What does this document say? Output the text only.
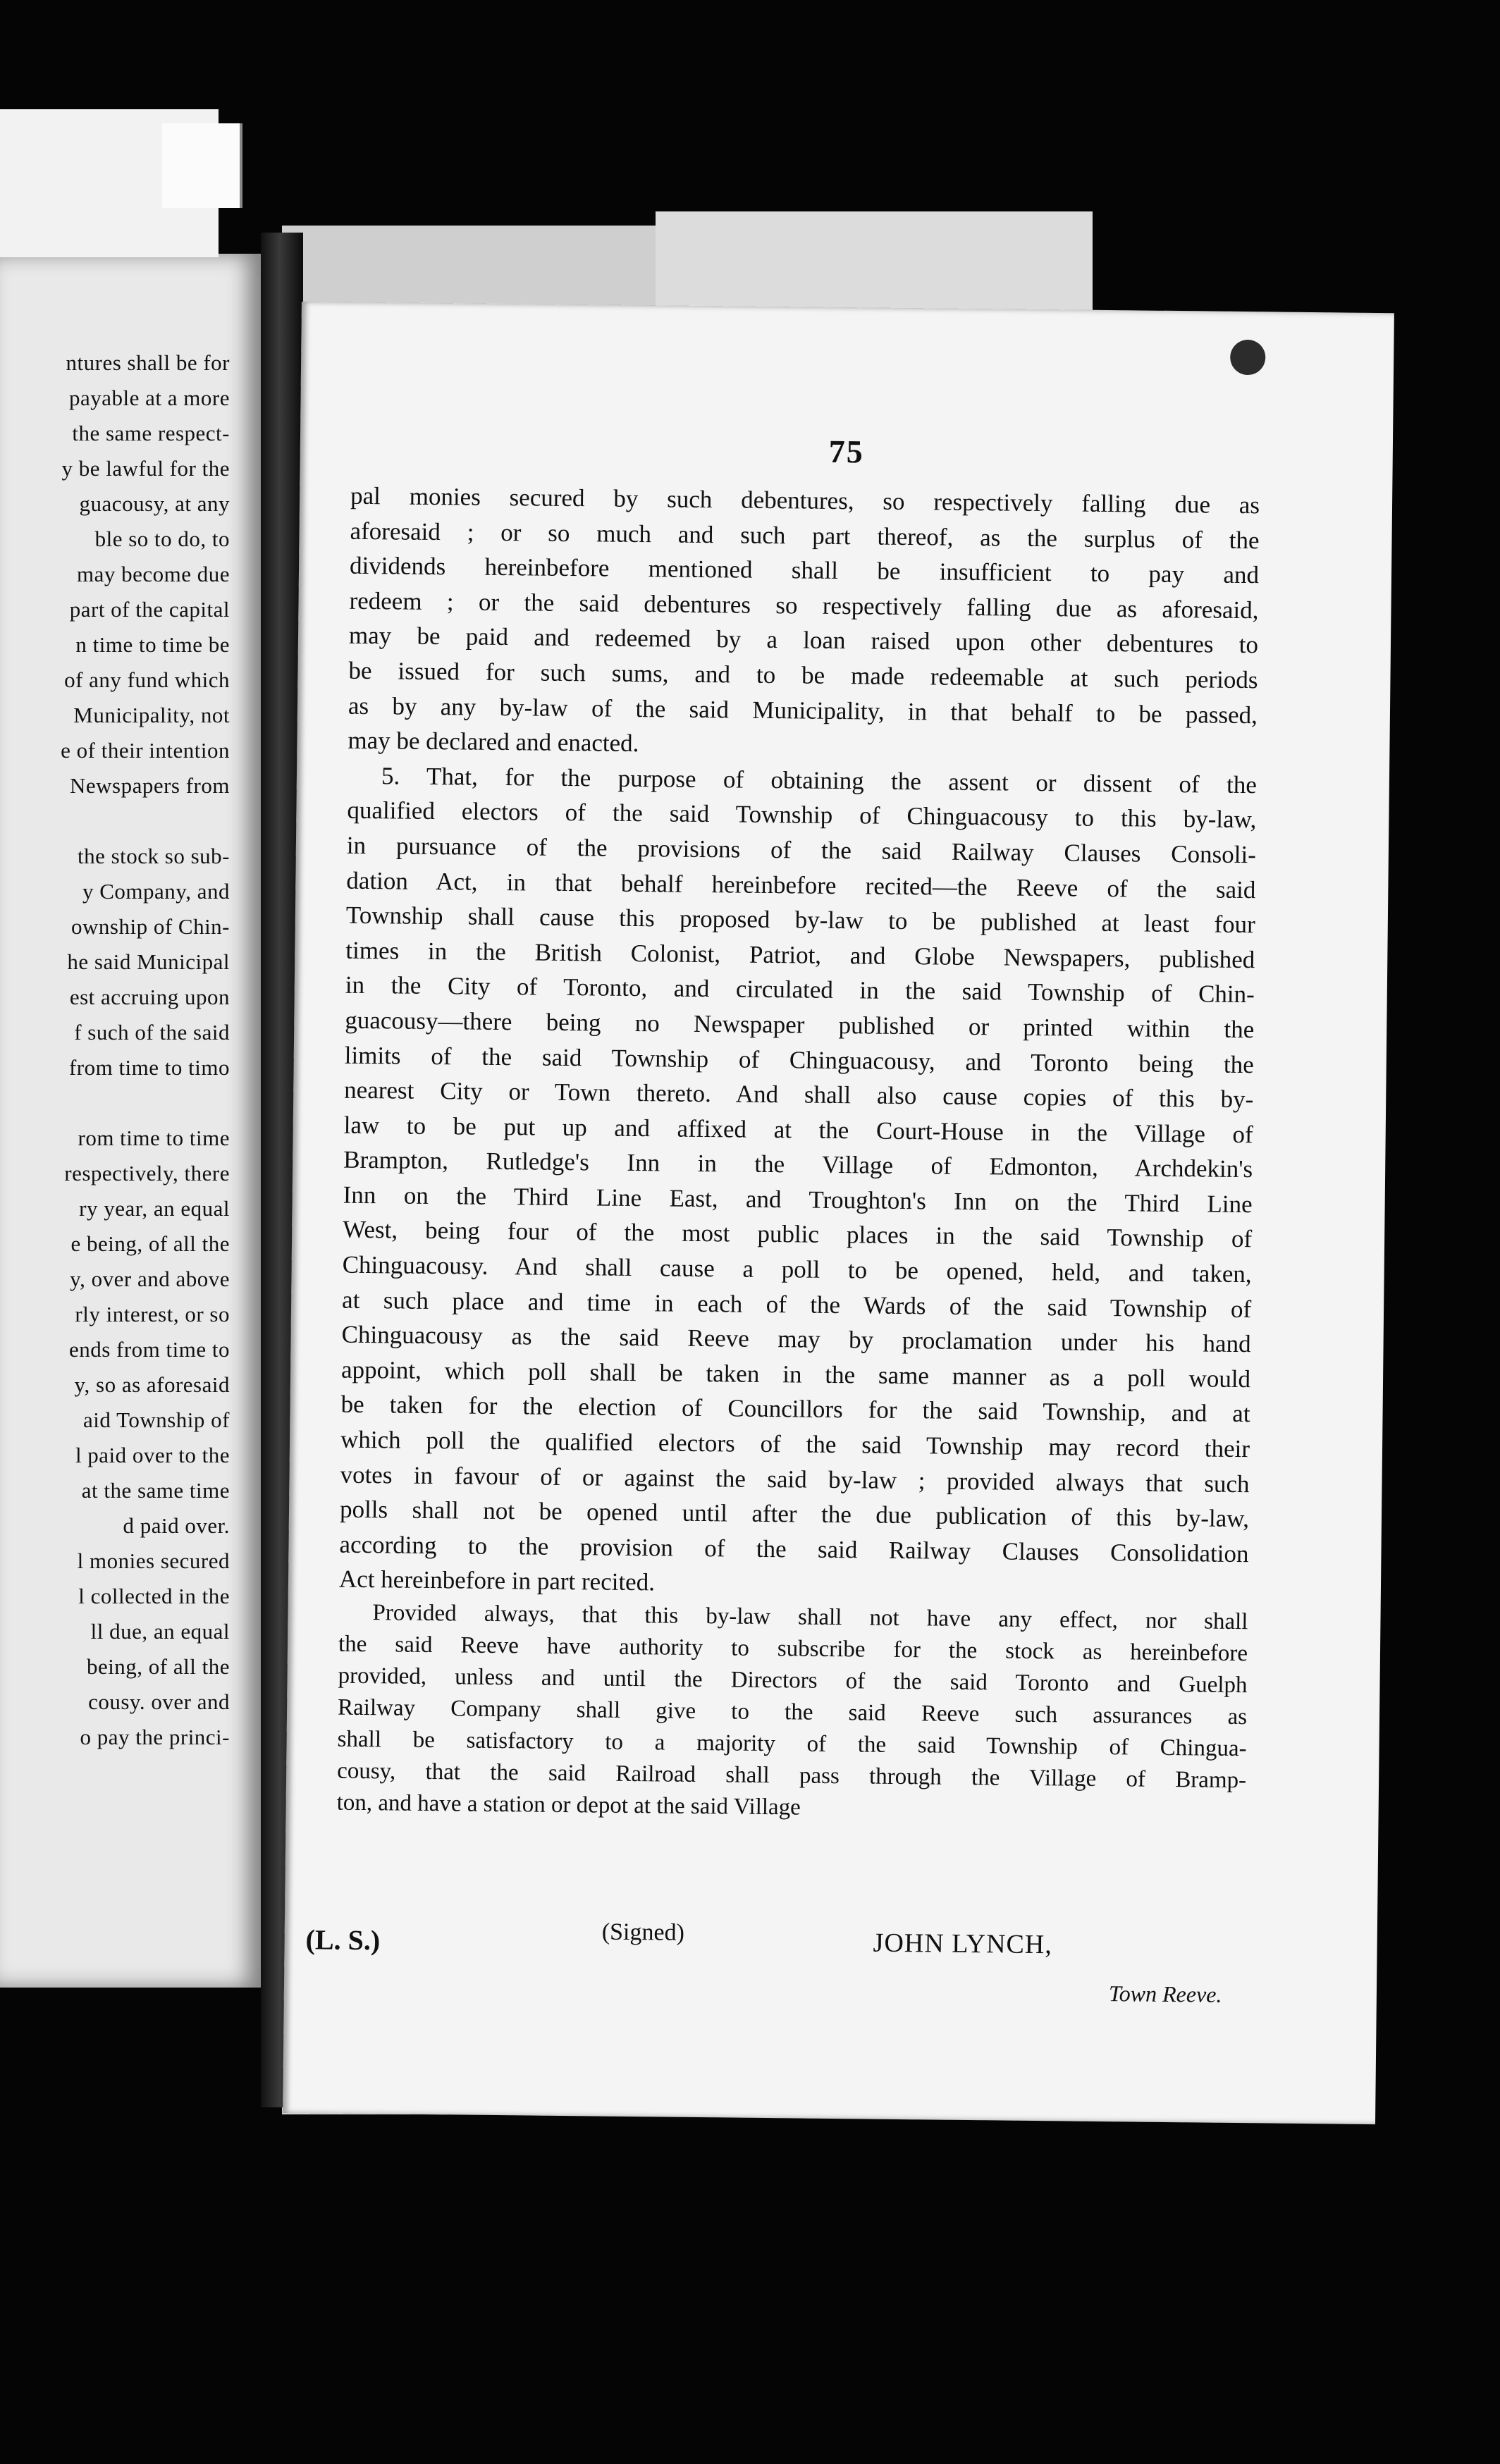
ntures shall be for
payable at a more
the same respect-
y be lawful for the
guacousy, at any
ble so to do, to
may become due
part of the capital
n time to time be
of any fund which
Municipality, not
e of their intention
Newspapers from
the stock so sub-
y Company, and
ownship of Chin-
he said Municipal
est accruing upon
f such of the said
from time to timo
rom time to time
respectively, there
ry year, an equal
e being, of all the
y, over and above
rly interest, or so
ends from time to
y, so as aforesaid
aid Township of
l paid over to the
at the same time
d paid over.
l monies secured
l collected in the
ll due, an equal
being, of all the
cousy. over and
o pay the princi-
75
pal monies secured by such debentures, so respectively falling due as
aforesaid ; or so much and such part thereof, as the surplus of the
dividends hereinbefore mentioned shall be insufficient to pay and
redeem ; or the said debentures so respectively falling due as aforesaid,
may be paid and redeemed by a loan raised upon other debentures to
be issued for such sums, and to be made redeemable at such periods
as by any by-law of the said Municipality, in that behalf to be passed,
may be declared and enacted.
5. That, for the purpose of obtaining the assent or dissent of the
qualified electors of the said Township of Chinguacousy to this by-law,
in pursuance of the provisions of the said Railway Clauses Consoli-
dation Act, in that behalf hereinbefore recited—the Reeve of the said
Township shall cause this proposed by-law to be published at least four
times in the British Colonist, Patriot, and Globe Newspapers, published
in the City of Toronto, and circulated in the said Township of Chin-
guacousy—there being no Newspaper published or printed within the
limits of the said Township of Chinguacousy, and Toronto being the
nearest City or Town thereto. And shall also cause copies of this by-
law to be put up and affixed at the Court-House in the Village of
Brampton, Rutledge's Inn in the Village of Edmonton, Archdekin's
Inn on the Third Line East, and Troughton's Inn on the Third Line
West, being four of the most public places in the said Township of
Chinguacousy. And shall cause a poll to be opened, held, and taken,
at such place and time in each of the Wards of the said Township of
Chinguacousy as the said Reeve may by proclamation under his hand
appoint, which poll shall be taken in the same manner as a poll would
be taken for the election of Councillors for the said Township, and at
which poll the qualified electors of the said Township may record their
votes in favour of or against the said by-law ; provided always that such
polls shall not be opened until after the due publication of this by-law,
according to the provision of the said Railway Clauses Consolidation
Act hereinbefore in part recited.
Provided always, that this by-law shall not have any effect, nor shall
the said Reeve have authority to subscribe for the stock as hereinbefore
provided, unless and until the Directors of the said Toronto and Guelph
Railway Company shall give to the said Reeve such assurances as
shall be satisfactory to a majority of the said Township of Chingua-
cousy, that the said Railroad shall pass through the Village of Bramp-
ton, and have a station or depot at the said Village
(L. S.)	(Signed)	JOHN LYNCH,
Town Reeve.
